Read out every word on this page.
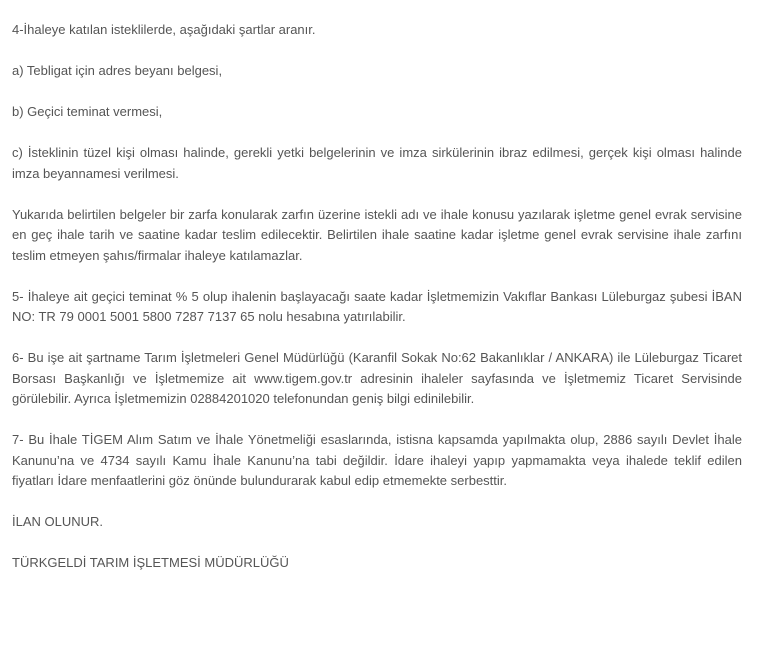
4-İhaleye katılan isteklilerde, aşağıdaki şartlar aranır.

a) Tebligat için adres beyanı belgesi,

b) Geçici teminat vermesi,

c) İsteklinin tüzel kişi olması halinde, gerekli yetki belgelerinin ve imza sirkülerinin ibraz edilmesi, gerçek kişi olması halinde imza beyannamesi verilmesi.

Yukarıda belirtilen belgeler bir zarfa konularak zarfın üzerine istekli adı ve ihale konusu yazılarak işletme genel evrak servisine en geç ihale tarih ve saatine kadar teslim edilecektir. Belirtilen ihale saatine kadar işletme genel evrak servisine ihale zarfını teslim etmeyen şahıs/firmalar ihaleye katılamazlar.

5- İhaleye ait geçici teminat % 5 olup ihalenin başlayacağı saate kadar İşletmemizin Vakıflar Bankası Lüleburgaz şubesi İBAN NO: TR 79 0001 5001 5800 7287 7137 65 nolu hesabına yatırılabilir.

6- Bu işe ait şartname Tarım İşletmeleri Genel Müdürlüğü (Karanfil Sokak No:62 Bakanlıklar / ANKARA) ile Lüleburgaz Ticaret Borsası Başkanlığı ve İşletmemize ait www.tigem.gov.tr adresinin ihaleler sayfasında ve İşletmemiz Ticaret Servisinde görülebilir. Ayrıca İşletmemizin 02884201020 telefonundan geniş bilgi edinilebilir.

7- Bu İhale TİGEM Alım Satım ve İhale Yönetmeliği esaslarında, istisna kapsamda yapılmakta olup, 2886 sayılı Devlet İhale Kanunu’na ve 4734 sayılı Kamu İhale Kanunu’na tabi değildir. İdare ihaleyi yapıp yapmamakta veya ihalede teklif edilen fiyatları İdare menfaatlerini göz önünde bulundurarak kabul edip etmemekte serbesttir.

İLAN OLUNUR.

TÜRKGELDİ TARIM İŞLETMESİ MÜDÜRLÜĞÜ
